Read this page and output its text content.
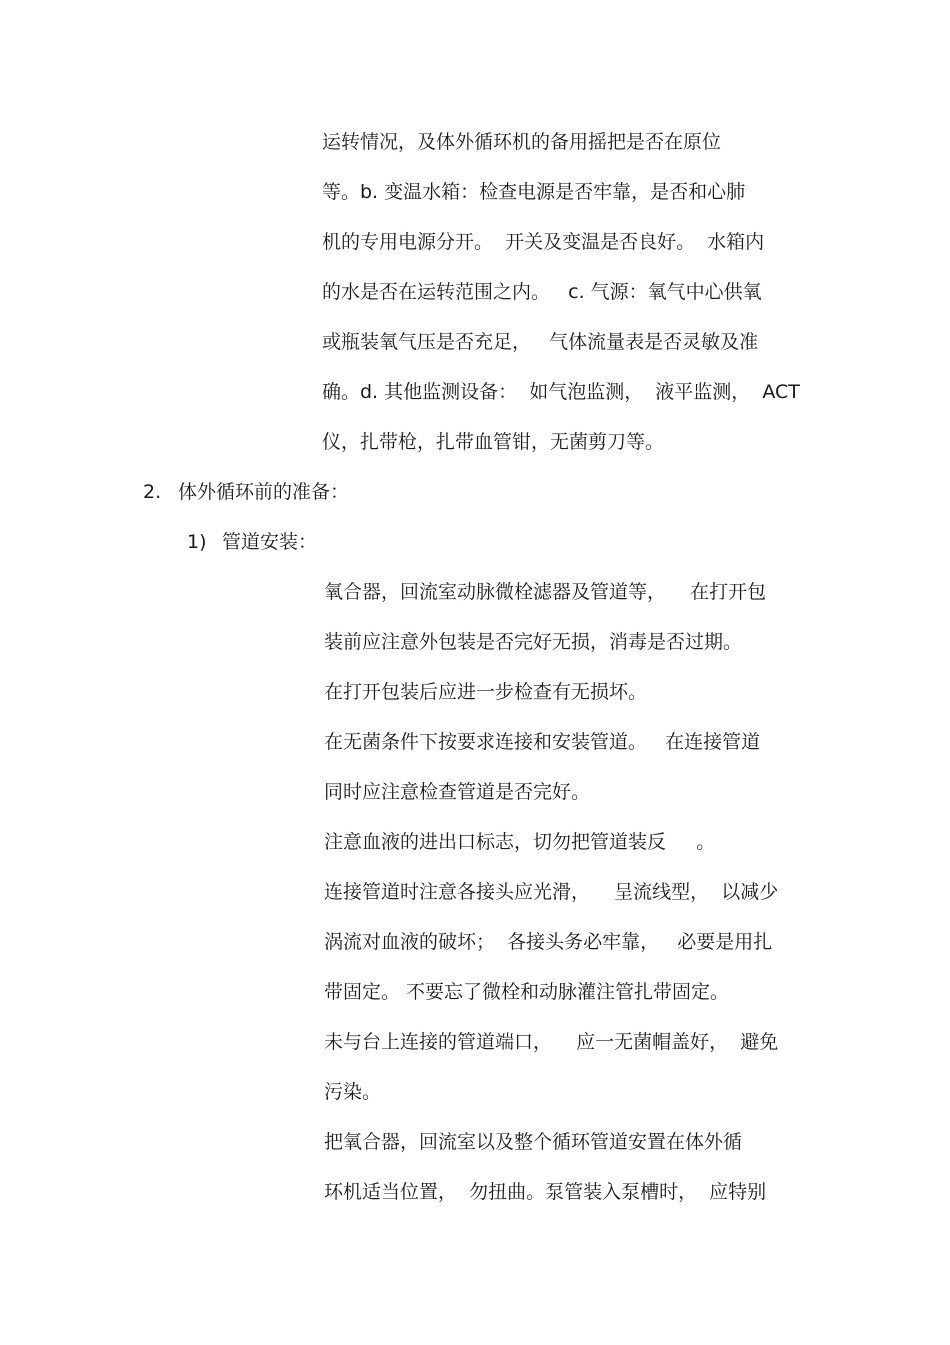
运转情况，及体外循环机的备用摇把是否在原位
等。b. 变温水箱：检查电源是否牢靠，是否和心肺
机的专用电源分开。  开关及变温是否良好。  水箱内
的水是否在运转范围之内。   c. 气源：氧气中心供氧
或瓶装氧气压是否充足，   气体流量表是否灵敏及准
确。d. 其他监测设备：  如气泡监测，  液平监测，  ACT
仪，扎带枪，扎带血管钳，无菌剪刀等。
2. 体外循环前的准备：
1) 管道安装：
氧合器，回流室动脉微栓滤器及管道等，    在打开包
装前应注意外包装是否完好无损，消毒是否过期。
在打开包装后应进一步检查有无损坏。
在无菌条件下按要求连接和安装管道。   在连接管道
同时应注意检查管道是否完好。
注意血液的进出口标志，切勿把管道装反     。
连接管道时注意各接头应光滑，    呈流线型，  以减少
涡流对血液的破坏；  各接头务必牢靠，   必要是用扎
带固定。 不要忘了微栓和动脉灌注管扎带固定。
未与台上连接的管道端口，    应一无菌帽盖好，  避免
污染。
把氧合器，回流室以及整个循环管道安置在体外循
环机适当位置，  勿扭曲。泵管装入泵槽时，  应特别
